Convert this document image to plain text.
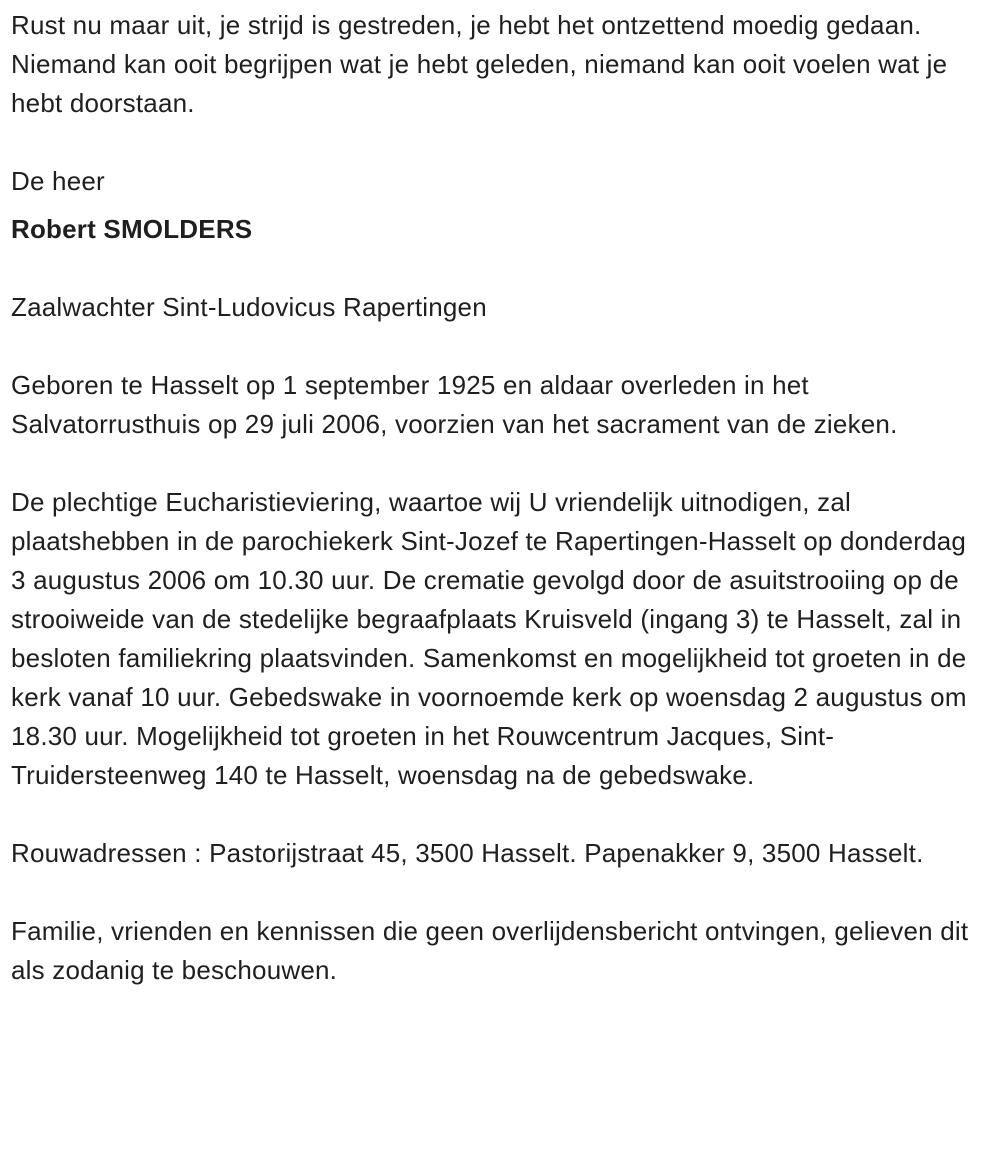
Rust nu maar uit, je strijd is gestreden, je hebt het ontzettend moedig gedaan. Niemand kan ooit begrijpen wat je hebt geleden, niemand kan ooit voelen wat je hebt doorstaan.

De heer

Robert SMOLDERS

Zaalwachter Sint-Ludovicus Rapertingen

Geboren te Hasselt op 1 september 1925 en aldaar overleden in het Salvatorrusthuis op 29 juli 2006, voorzien van het sacrament van de zieken.

De plechtige Eucharistieviering, waartoe wij U vriendelijk uitnodigen, zal plaatshebben in de parochiekerk Sint-Jozef te Rapertingen-Hasselt op donderdag 3 augustus 2006 om 10.30 uur. De crematie gevolgd door de asuitstrooiing op de strooiweide van de stedelijke begraafplaats Kruisveld (ingang 3) te Hasselt, zal in besloten familiekring plaatsvinden. Samenkomst en mogelijkheid tot groeten in de kerk vanaf 10 uur. Gebedswake in voornoemde kerk op woensdag 2 augustus om 18.30 uur. Mogelijkheid tot groeten in het Rouwcentrum Jacques, Sint-Truidersteenweg 140 te Hasselt, woensdag na de gebedswake.

Rouwadressen : Pastorijstraat 45, 3500 Hasselt. Papenakker 9, 3500 Hasselt.

Familie, vrienden en kennissen die geen overlijdensbericht ontvingen, gelieven dit als zodanig te beschouwen.
